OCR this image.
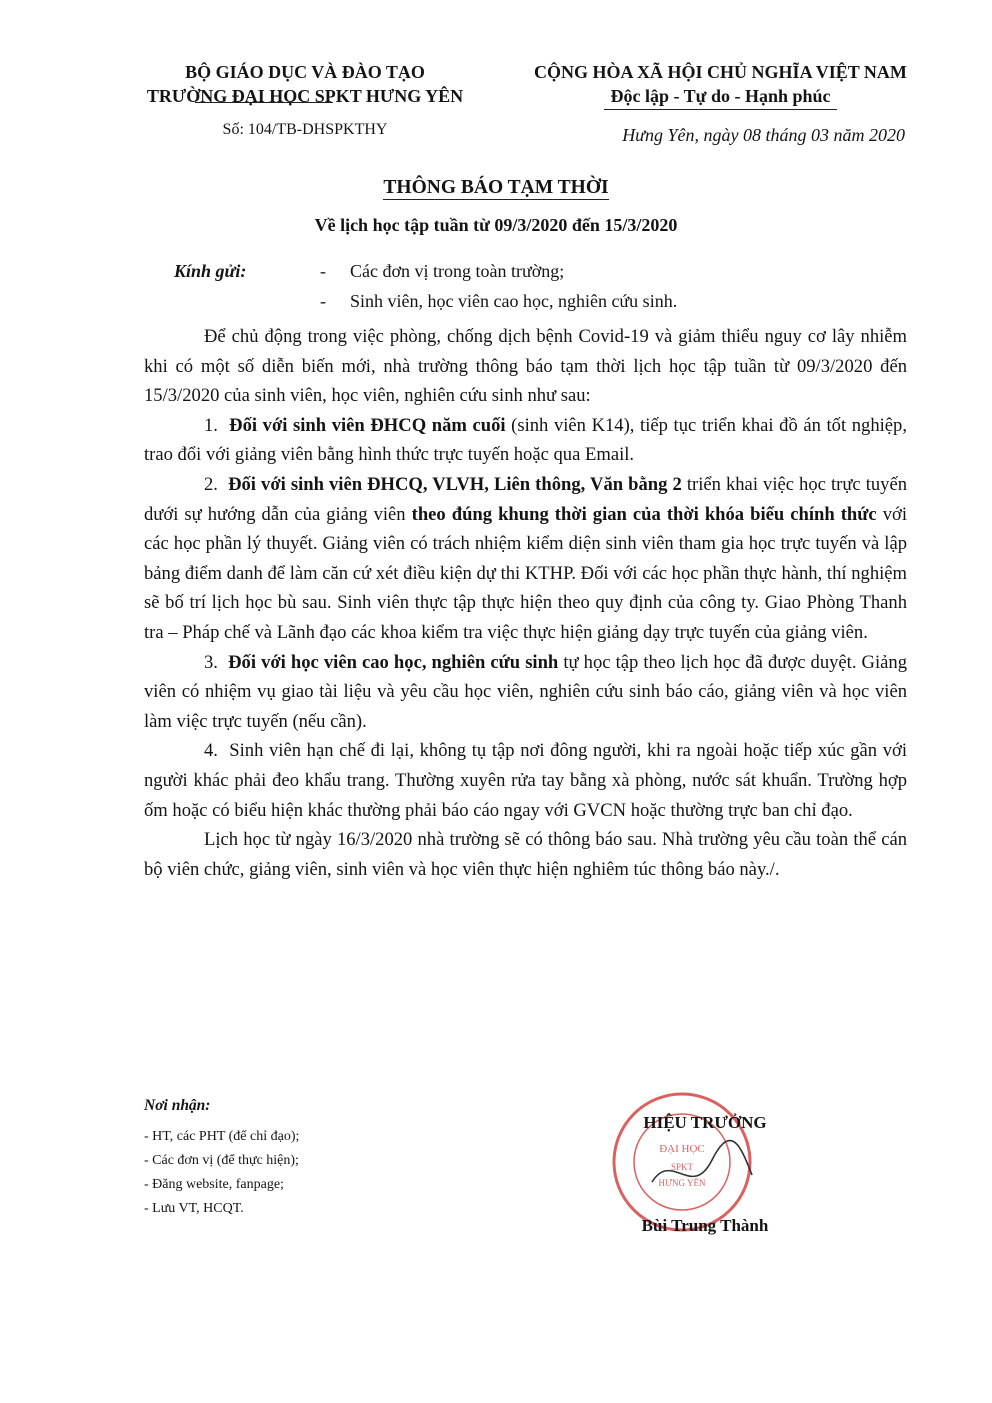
BỘ GIÁO DỤC VÀ ĐÀO TẠO
TRƯỜNG ĐẠI HỌC SPKT HƯNG YÊN
Số: 104/TB-DHSPKTHY
CỘNG HÒA XÃ HỘI CHỦ NGHĨA VIỆT NAM
Độc lập - Tự do - Hạnh phúc
Hưng Yên, ngày 08 tháng 03 năm 2020
THÔNG BÁO TẠM THỜI
Về lịch học tập tuần từ 09/3/2020 đến 15/3/2020
Kính gửi:	- Các đơn vị trong toàn trường;
- Sinh viên, học viên cao học, nghiên cứu sinh.

Để chủ động trong việc phòng, chống dịch bệnh Covid-19 và giảm thiểu nguy cơ lây nhiễm khi có một số diễn biến mới, nhà trường thông báo tạm thời lịch học tập tuần từ 09/3/2020 đến 15/3/2020 của sinh viên, học viên, nghiên cứu sinh như sau:

1. Đối với sinh viên ĐHCQ năm cuối (sinh viên K14), tiếp tục triển khai đồ án tốt nghiệp, trao đổi với giảng viên bằng hình thức trực tuyến hoặc qua Email.

2. Đối với sinh viên ĐHCQ, VLVH, Liên thông, Văn bằng 2 triển khai việc học trực tuyến dưới sự hướng dẫn của giảng viên theo đúng khung thời gian của thời khóa biểu chính thức với các học phần lý thuyết. Giảng viên có trách nhiệm kiểm diện sinh viên tham gia học trực tuyến và lập bảng điểm danh để làm căn cứ xét điều kiện dự thi KTHP. Đối với các học phần thực hành, thí nghiệm sẽ bố trí lịch học bù sau. Sinh viên thực tập thực hiện theo quy định của công ty. Giao Phòng Thanh tra – Pháp chế và Lãnh đạo các khoa kiểm tra việc thực hiện giảng dạy trực tuyến của giảng viên.

3. Đối với học viên cao học, nghiên cứu sinh tự học tập theo lịch học đã được duyệt. Giảng viên có nhiệm vụ giao tài liệu và yêu cầu học viên, nghiên cứu sinh báo cáo, giảng viên và học viên làm việc trực tuyến (nếu cần).

4. Sinh viên hạn chế đi lại, không tụ tập nơi đông người, khi ra ngoài hoặc tiếp xúc gần với người khác phải đeo khẩu trang. Thường xuyên rửa tay bằng xà phòng, nước sát khuẩn. Trường hợp ốm hoặc có biểu hiện khác thường phải báo cáo ngay với GVCN hoặc thường trực ban chỉ đạo.

Lịch học từ ngày 16/3/2020 nhà trường sẽ có thông báo sau. Nhà trường yêu cầu toàn thể cán bộ viên chức, giảng viên, sinh viên và học viên thực hiện nghiêm túc thông báo này./.

Nơi nhận:
- HT, các PHT (để chỉ đạo);
- Các đơn vị (để thực hiện);
- Đăng website, fanpage;
- Lưu VT, HCQT.
ĐẠI HỌC
SPKT
HƯNG YÊN
HIỆU TRƯỞNG
Bùi Trung Thành
